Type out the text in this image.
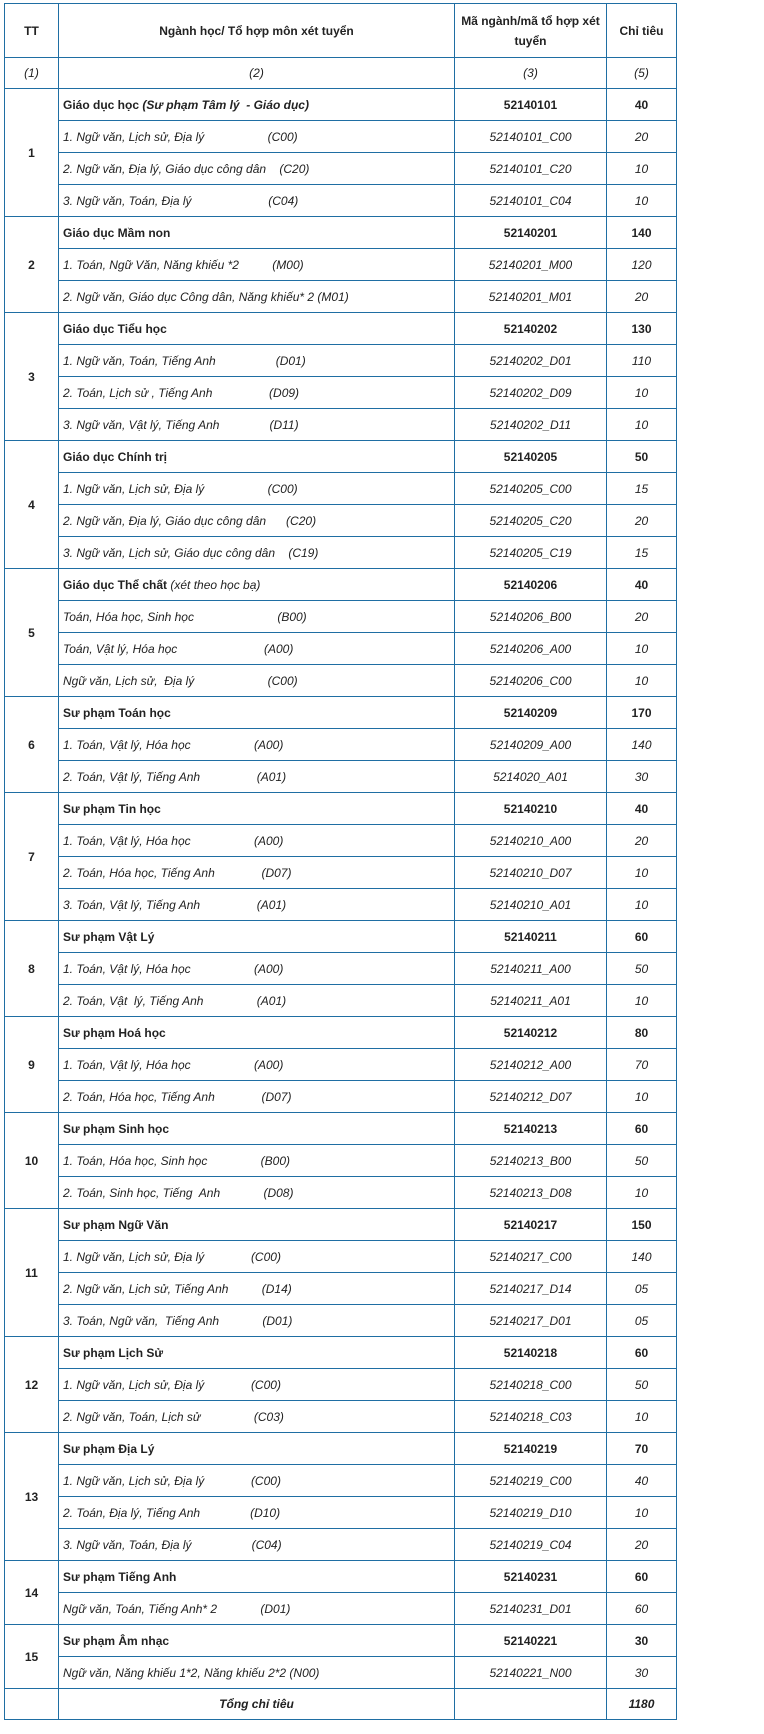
TT	Ngành học/ Tổ hợp môn xét tuyển	Mã ngành/mã tổ hợp xét tuyển	Chỉ tiêu
(1)	(2)	(3)	(5)
1	Giáo dục học (Sư phạm Tâm lý  - Giáo dục)	52140101	40
	1. Ngữ văn, Lịch sử, Địa lý                   (C00)	52140101_C00	20
	2. Ngữ văn, Địa lý, Giáo dục công dân    (C20)	52140101_C20	10
	3. Ngữ văn, Toán, Địa lý                       (C04)	52140101_C04	10
2	Giáo dục Mầm non	52140201	140
	1. Toán, Ngữ Văn, Năng khiếu *2          (M00)	52140201_M00	120
	2. Ngữ văn, Giáo dục Công dân, Năng khiếu* 2 (M01)	52140201_M01	20
3	Giáo dục Tiểu học	52140202	130
	1. Ngữ văn, Toán, Tiếng Anh                  (D01)	52140202_D01	110
	2. Toán, Lịch sử , Tiếng Anh                 (D09)	52140202_D09	10
	3. Ngữ văn, Vật lý, Tiếng Anh               (D11)	52140202_D11	10
4	Giáo dục Chính trị	52140205	50
	1. Ngữ văn, Lịch sử, Địa lý                   (C00)	52140205_C00	15
	2. Ngữ văn, Địa lý, Giáo dục công dân      (C20)	52140205_C20	20
	3. Ngữ văn, Lịch sử, Giáo dục công dân    (C19)	52140205_C19	15
5	Giáo dục Thể chất (xét theo học bạ)	52140206	40
	Toán, Hóa học, Sinh học                         (B00)	52140206_B00	20
	Toán, Vật lý, Hóa học                          (A00)	52140206_A00	10
	Ngữ văn, Lịch sử,  Địa lý                      (C00)	52140206_C00	10
6	Sư phạm Toán học	52140209	170
	1. Toán, Vật lý, Hóa học                   (A00)	52140209_A00	140
	2. Toán, Vật lý, Tiếng Anh                 (A01)	5214020_A01	30
7	Sư phạm Tin học	52140210	40
	1. Toán, Vật lý, Hóa học                   (A00)	52140210_A00	20
	2. Toán, Hóa học, Tiếng Anh              (D07)	52140210_D07	10
	3. Toán, Vật lý, Tiếng Anh                 (A01)	52140210_A01	10
8	Sư phạm Vật Lý	52140211	60
	1. Toán, Vật lý, Hóa học                   (A00)	52140211_A00	50
	2. Toán, Vật  lý, Tiếng Anh                (A01)	52140211_A01	10
9	Sư phạm Hoá học	52140212	80
	1. Toán, Vật lý, Hóa học                   (A00)	52140212_A00	70
	2. Toán, Hóa học, Tiếng Anh              (D07)	52140212_D07	10
10	Sư phạm Sinh học	52140213	60
	1. Toán, Hóa học, Sinh học                (B00)	52140213_B00	50
	2. Toán, Sinh học, Tiếng  Anh             (D08)	52140213_D08	10
11	Sư phạm Ngữ Văn	52140217	150
	1. Ngữ văn, Lịch sử, Địa lý              (C00)	52140217_C00	140
	2. Ngữ văn, Lịch sử, Tiếng Anh          (D14)	52140217_D14	05
	3. Toán, Ngữ văn,  Tiếng Anh             (D01)	52140217_D01	05
12	Sư phạm Lịch Sử	52140218	60
	1. Ngữ văn, Lịch sử, Địa lý              (C00)	52140218_C00	50
	2. Ngữ văn, Toán, Lịch sử                (C03)	52140218_C03	10
13	Sư phạm Địa Lý	52140219	70
	1. Ngữ văn, Lịch sử, Địa lý              (C00)	52140219_C00	40
	2. Toán, Địa lý, Tiếng Anh               (D10)	52140219_D10	10
	3. Ngữ văn, Toán, Địa lý                  (C04)	52140219_C04	20
14	Sư phạm Tiếng Anh	52140231	60
	Ngữ văn, Toán, Tiếng Anh* 2             (D01)	52140231_D01	60
15	Sư phạm Âm nhạc	52140221	30
	Ngữ văn, Năng khiếu 1*2, Năng khiếu 2*2 (N00)	52140221_N00	30
	Tổng chỉ tiêu		1180
